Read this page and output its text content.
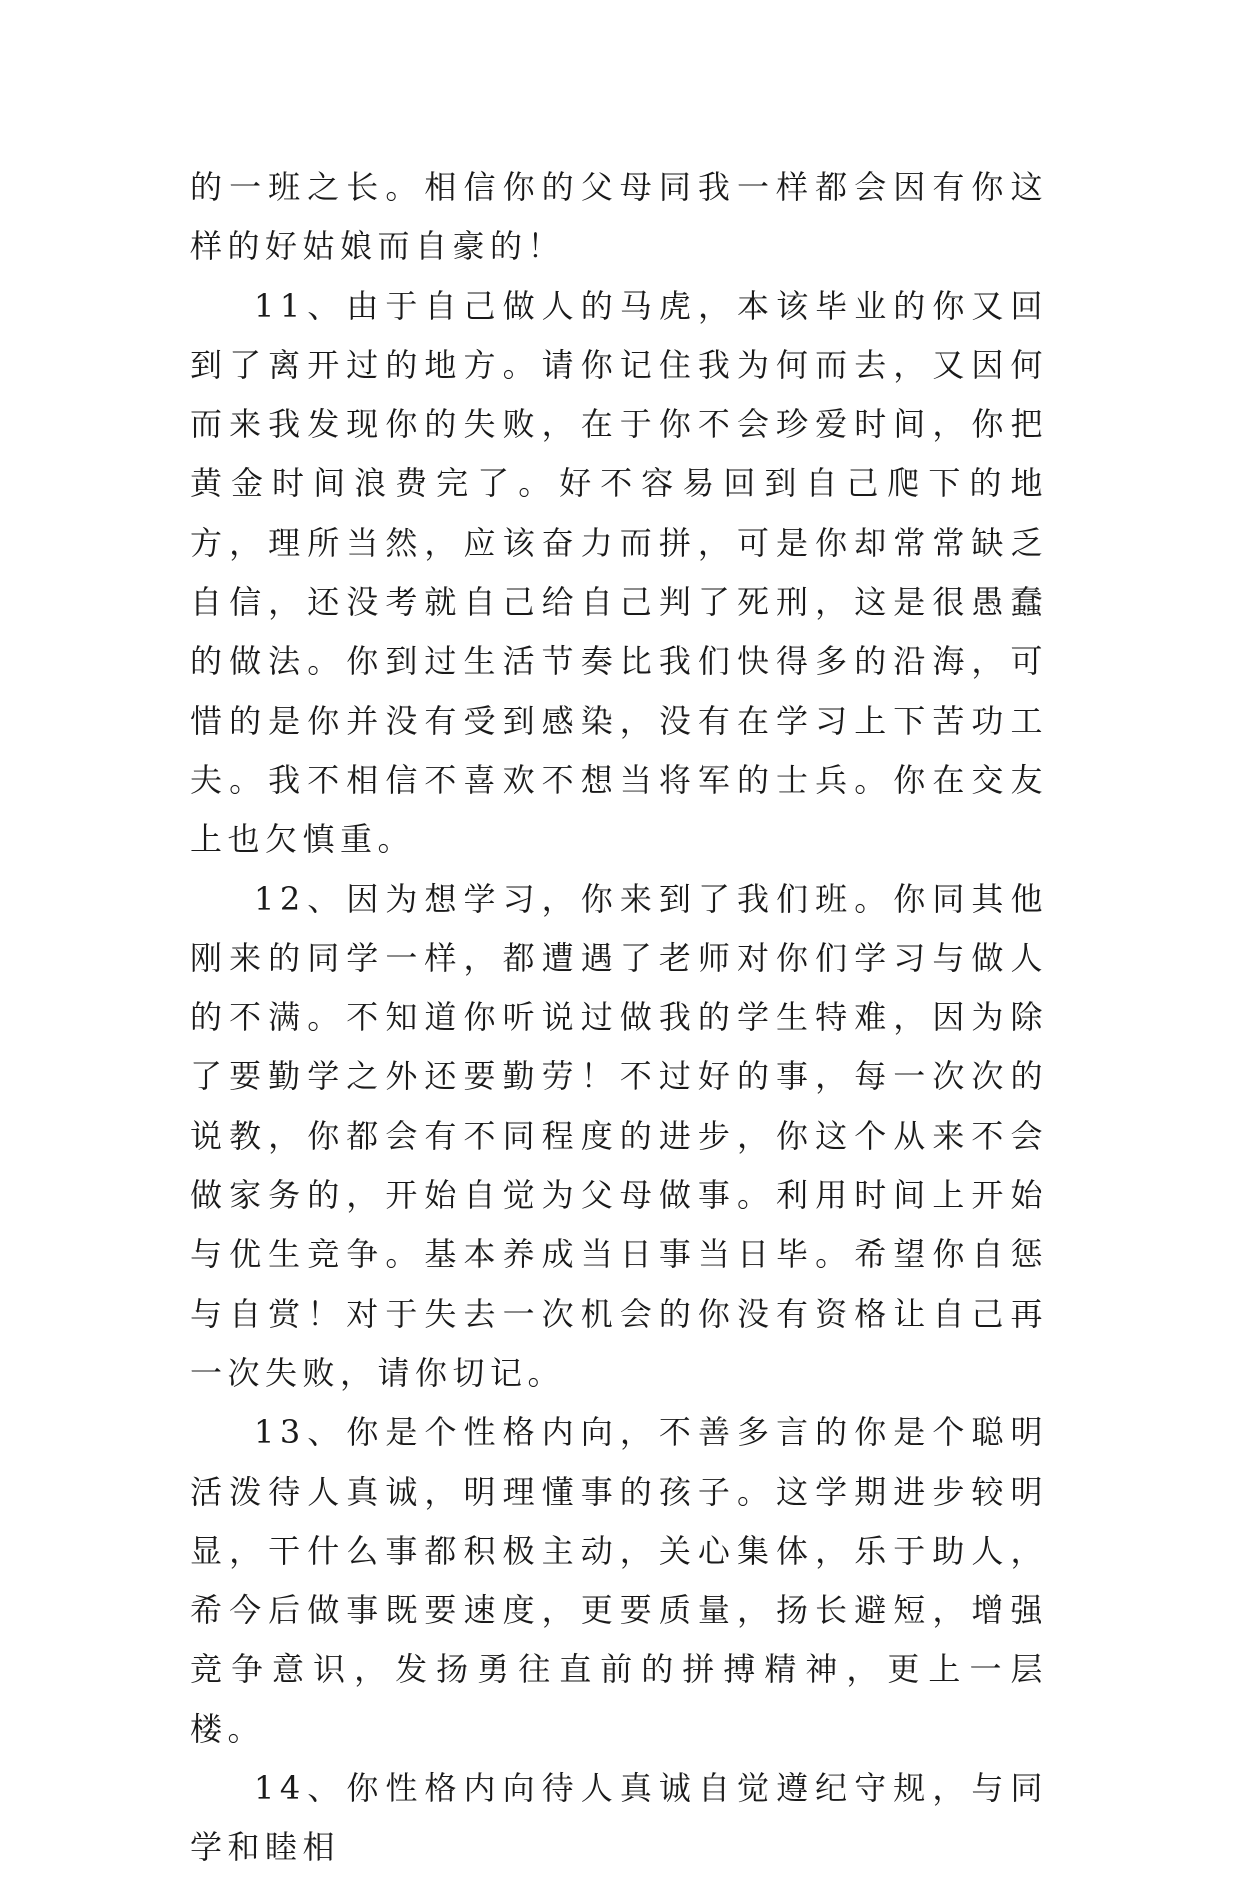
的一班之长。相信你的父母同我一样都会因有你这样的好姑娘而自豪的！

11、由于自己做人的马虎，本该毕业的你又回到了离开过的地方。请你记住我为何而去，又因何而来我发现你的失败，在于你不会珍爱时间，你把黄金时间浪费完了。好不容易回到自己爬下的地方，理所当然，应该奋力而拼，可是你却常常缺乏自信，还没考就自己给自己判了死刑，这是很愚蠢的做法。你到过生活节奏比我们快得多的沿海，可惜的是你并没有受到感染，没有在学习上下苦功工夫。我不相信不喜欢不想当将军的士兵。你在交友上也欠慎重。

12、因为想学习，你来到了我们班。你同其他刚来的同学一样，都遭遇了老师对你们学习与做人的不满。不知道你听说过做我的学生特难，因为除了要勤学之外还要勤劳！不过好的事，每一次次的说教，你都会有不同程度的进步，你这个从来不会做家务的，开始自觉为父母做事。利用时间上开始与优生竞争。基本养成当日事当日毕。希望你自惩与自赏！对于失去一次机会的你没有资格让自己再一次失败，请你切记。

13、你是个性格内向，不善多言的你是个聪明活泼待人真诚，明理懂事的孩子。这学期进步较明显，干什么事都积极主动，关心集体，乐于助人，希今后做事既要速度，更要质量，扬长避短，增强竞争意识，发扬勇往直前的拼搏精神，更上一层楼。

14、你性格内向待人真诚自觉遵纪守规，与同学和睦相
